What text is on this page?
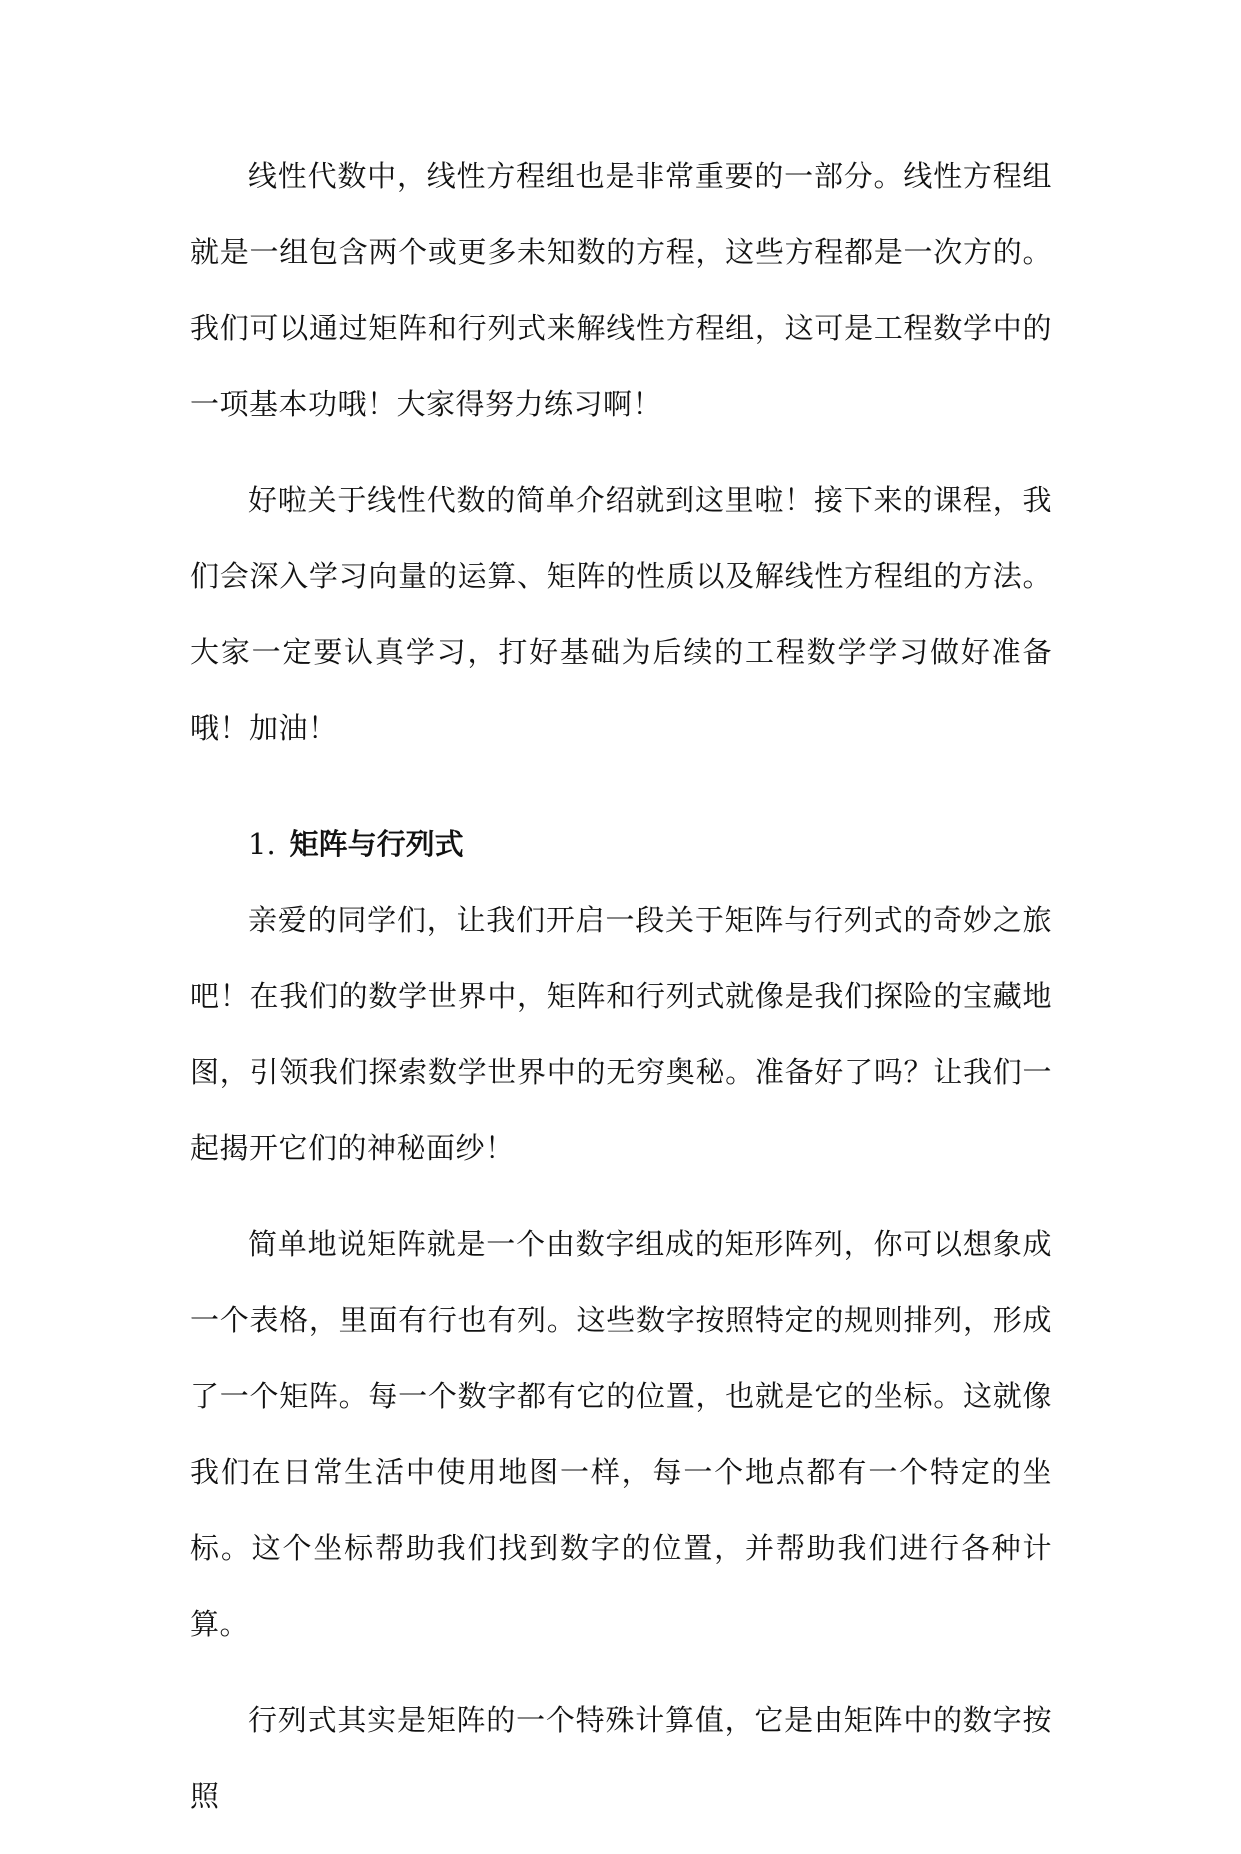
线性代数中，线性方程组也是非常重要的一部分。线性方程组就是一组包含两个或更多未知数的方程，这些方程都是一次方的。我们可以通过矩阵和行列式来解线性方程组，这可是工程数学中的一项基本功哦！大家得努力练习啊！

好啦关于线性代数的简单介绍就到这里啦！接下来的课程，我们会深入学习向量的运算、矩阵的性质以及解线性方程组的方法。大家一定要认真学习，打好基础为后续的工程数学学习做好准备哦！加油！

1. 矩阵与行列式

亲爱的同学们，让我们开启一段关于矩阵与行列式的奇妙之旅吧！在我们的数学世界中，矩阵和行列式就像是我们探险的宝藏地图，引领我们探索数学世界中的无穷奥秘。准备好了吗？让我们一起揭开它们的神秘面纱！

简单地说矩阵就是一个由数字组成的矩形阵列，你可以想象成一个表格，里面有行也有列。这些数字按照特定的规则排列，形成了一个矩阵。每一个数字都有它的位置，也就是它的坐标。这就像我们在日常生活中使用地图一样，每一个地点都有一个特定的坐标。这个坐标帮助我们找到数字的位置，并帮助我们进行各种计算。

行列式其实是矩阵的一个特殊计算值，它是由矩阵中的数字按照
